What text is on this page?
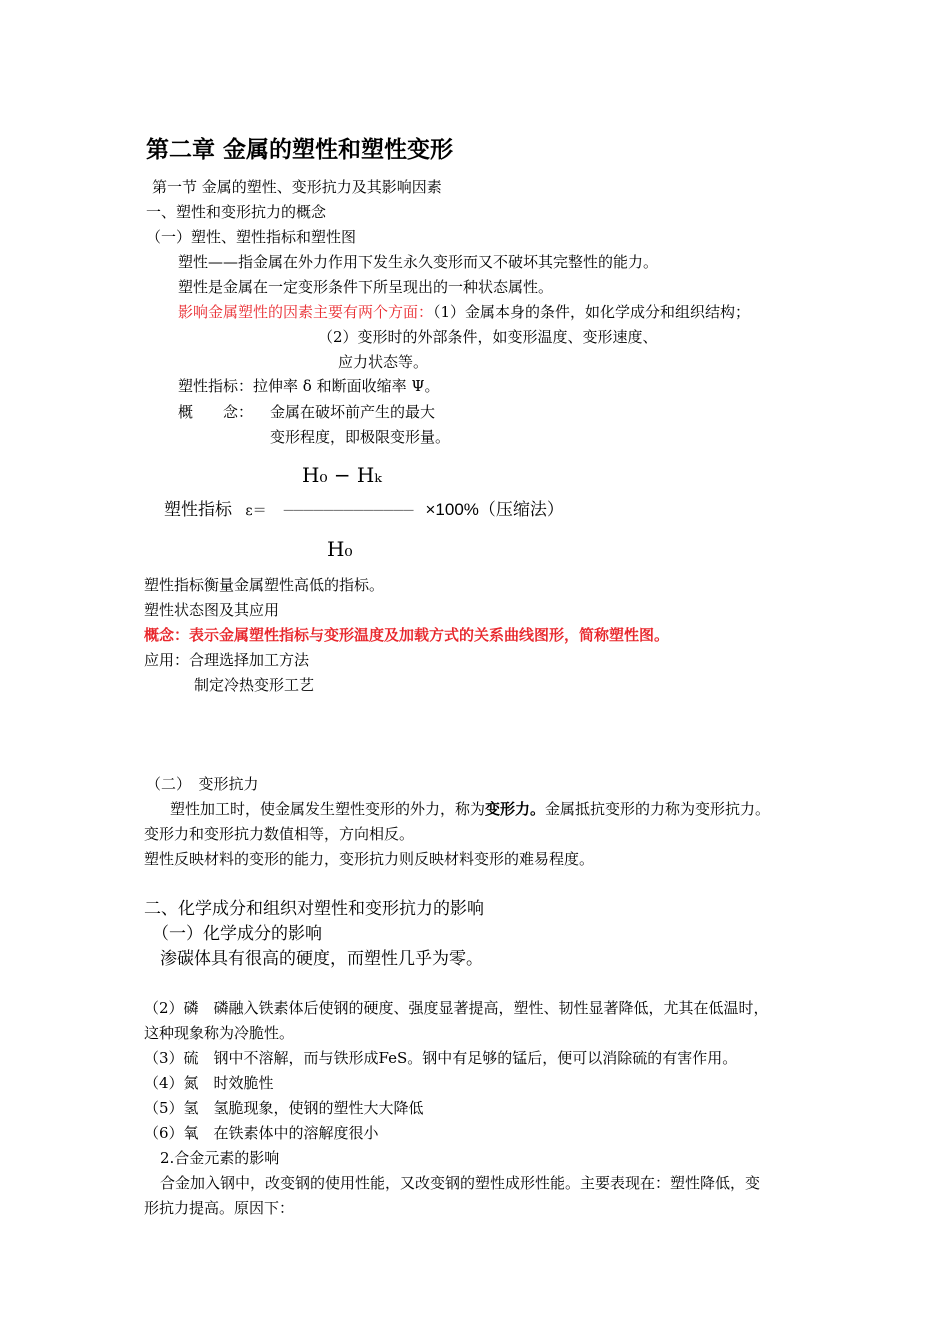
第二章 金属的塑性和塑性变形
第一节 金属的塑性、变形抗力及其影响因素
一、塑性和变形抗力的概念
（一）塑性、塑性指标和塑性图
塑性——指金属在外力作用下发生永久变形而又不破坏其完整性的能力。
塑性是金属在一定变形条件下所呈现出的一种状态属性。
影响金属塑性的因素主要有两个方面：（1）金属本身的条件，如化学成分和组织结构；
（2）变形时的外部条件，如变形温度、变形速度、
应力状态等。
塑性指标：拉伸率 δ 和断面收缩率 Ψ。
概　　念： 金属在破坏前产生的最大
变形程度，即极限变形量。
H₀ − Hₖ
塑性指标 ε＝ －－－－－－－－－－－－－ ×100%（压缩法）
H₀
塑性指标衡量金属塑性高低的指标。
塑性状态图及其应用
概念：表示金属塑性指标与变形温度及加载方式的关系曲线图形，简称塑性图。
应用：合理选择加工方法
制定冷热变形工艺
（二）　变形抗力
塑性加工时，使金属发生塑性变形的外力，称为变形力。金属抵抗变形的力称为变形抗力。
变形力和变形抗力数值相等，方向相反。
塑性反映材料的变形的能力，变形抗力则反映材料变形的难易程度。
二、化学成分和组织对塑性和变形抗力的影响
（一）化学成分的影响
渗碳体具有很高的硬度，而塑性几乎为零。
（2）磷　磷融入铁素体后使钢的硬度、强度显著提高，塑性、韧性显著降低，尤其在低温时，
这种现象称为冷脆性。
（3）硫　钢中不溶解，而与铁形成FeS。钢中有足够的锰后，便可以消除硫的有害作用。
（4）氮　时效脆性
（5）氢　氢脆现象，使钢的塑性大大降低
（6）氧　在铁素体中的溶解度很小
2.合金元素的影响
合金加入钢中，改变钢的使用性能，又改变钢的塑性成形性能。主要表现在：塑性降低，变
形抗力提高。原因下：
